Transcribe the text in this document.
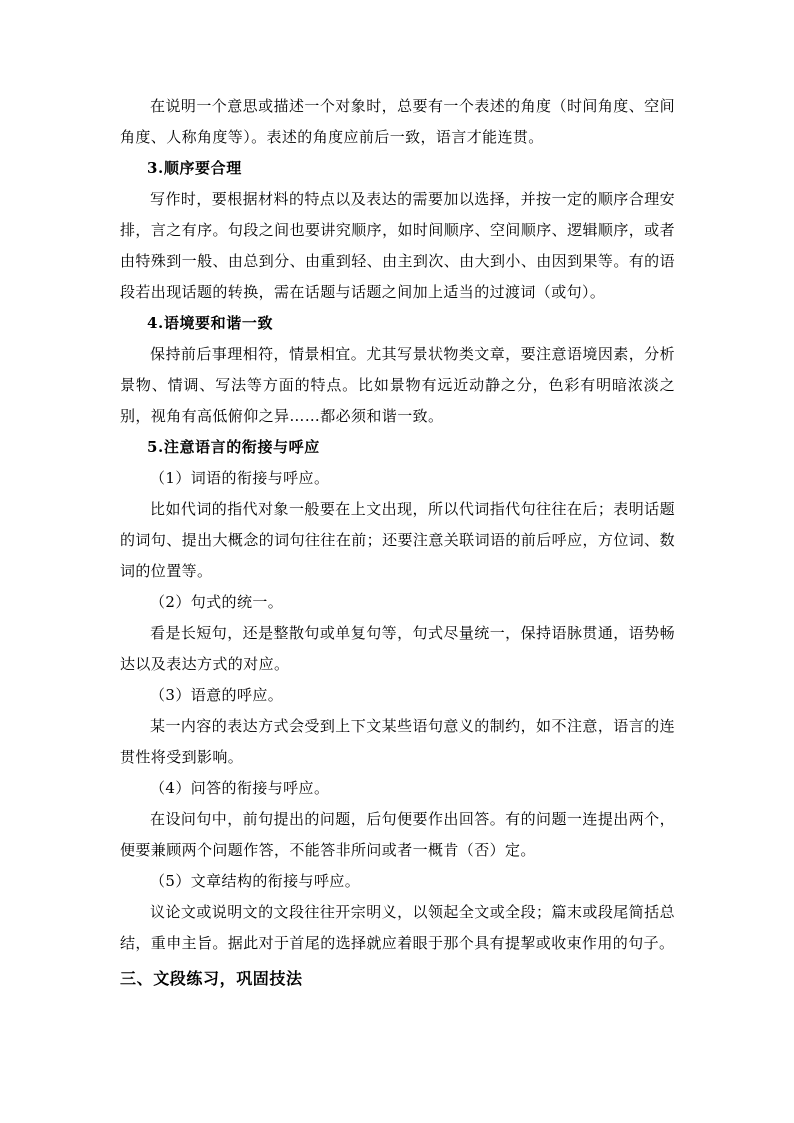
在说明一个意思或描述一个对象时，总要有一个表述的角度（时间角度、空间角度、人称角度等）。表述的角度应前后一致，语言才能连贯。

3.顺序要合理

写作时，要根据材料的特点以及表达的需要加以选择，并按一定的顺序合理安排，言之有序。句段之间也要讲究顺序，如时间顺序、空间顺序、逻辑顺序，或者由特殊到一般、由总到分、由重到轻、由主到次、由大到小、由因到果等。有的语段若出现话题的转换，需在话题与话题之间加上适当的过渡词（或句）。

4.语境要和谐一致

保持前后事理相符，情景相宜。尤其写景状物类文章，要注意语境因素，分析景物、情调、写法等方面的特点。比如景物有远近动静之分，色彩有明暗浓淡之别，视角有高低俯仰之异……都必须和谐一致。

5.注意语言的衔接与呼应

（1）词语的衔接与呼应。

比如代词的指代对象一般要在上文出现，所以代词指代句往往在后；表明话题的词句、提出大概念的词句往往在前；还要注意关联词语的前后呼应，方位词、数词的位置等。

（2）句式的统一。

看是长短句，还是整散句或单复句等，句式尽量统一，保持语脉贯通，语势畅达以及表达方式的对应。

（3）语意的呼应。

某一内容的表达方式会受到上下文某些语句意义的制约，如不注意，语言的连贯性将受到影响。

（4）问答的衔接与呼应。

在设问句中，前句提出的问题，后句便要作出回答。有的问题一连提出两个，便要兼顾两个问题作答，不能答非所问或者一概肯（否）定。

（5）文章结构的衔接与呼应。

议论文或说明文的文段往往开宗明义，以领起全文或全段；篇末或段尾简括总结，重申主旨。据此对于首尾的选择就应着眼于那个具有提挈或收束作用的句子。

三、文段练习，巩固技法
